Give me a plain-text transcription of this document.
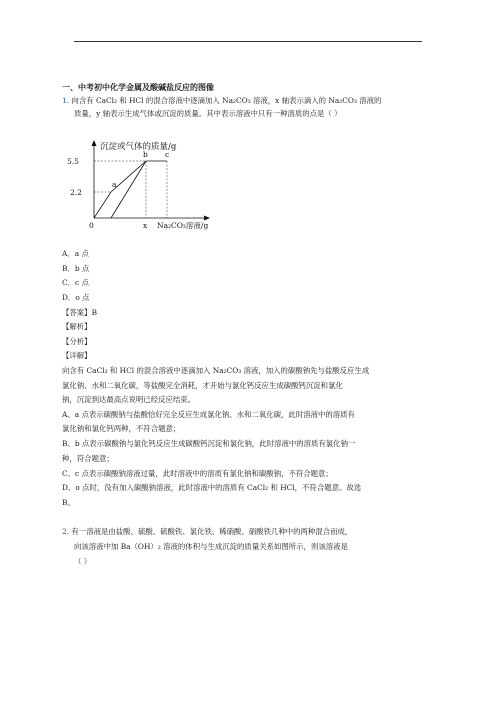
一、中考初中化学金属及酸碱盐反应的图像
1. 向含有 CaCl₂ 和 HCl 的混合溶液中逐滴加入 Na₂CO₃ 溶液，x 轴表示滴入的 Na₂CO₃ 溶液的
质量，y 轴表示生成气体或沉淀的质量。其中表示溶液中只有一种溶质的点是（ ）
沉淀或气体的质量/g
5.5
2.2
0	x Na₂CO₃溶液/g
a
b c
A．a 点
B．b 点
C．c 点
D．o 点
【答案】B
【解析】
【分析】
【详解】
向含有 CaCl₂ 和 HCl 的混合溶液中逐滴加入 Na₂CO₃ 溶液，加入的碳酸钠先与盐酸反应生成
氯化钠、水和二氧化碳，等盐酸完全消耗，才开始与氯化钙反应生成碳酸钙沉淀和氯化
钠，沉淀到达最高点说明已经反应结束。
A、a 点表示碳酸钠与盐酸恰好完全反应生成氯化钠、水和二氧化碳，此时溶液中的溶质有
氯化钠和氯化钙两种，不符合题意；
B、b 点表示碳酸钠与氯化钙反应生成碳酸钙沉淀和氯化钠，此时溶液中的溶质有氯化钠一
种，符合题意；
C、c 点表示碳酸钠溶液过量，此时溶液中的溶质有氯化钠和碳酸钠，不符合题意；
D、o 点时，没有加入碳酸钠溶液，此时溶液中的溶质有 CaCl₂ 和 HCl，不符合题意。故选
B。
2. 有一溶液是由盐酸、硫酸、硫酸铁、氯化铁、稀硝酸、硝酸铁几种中的两种混合而成，
向该溶液中加 Ba（OH）₂ 溶液的体积与生成沉淀的质量关系如图所示，则该溶液是
（ ）
